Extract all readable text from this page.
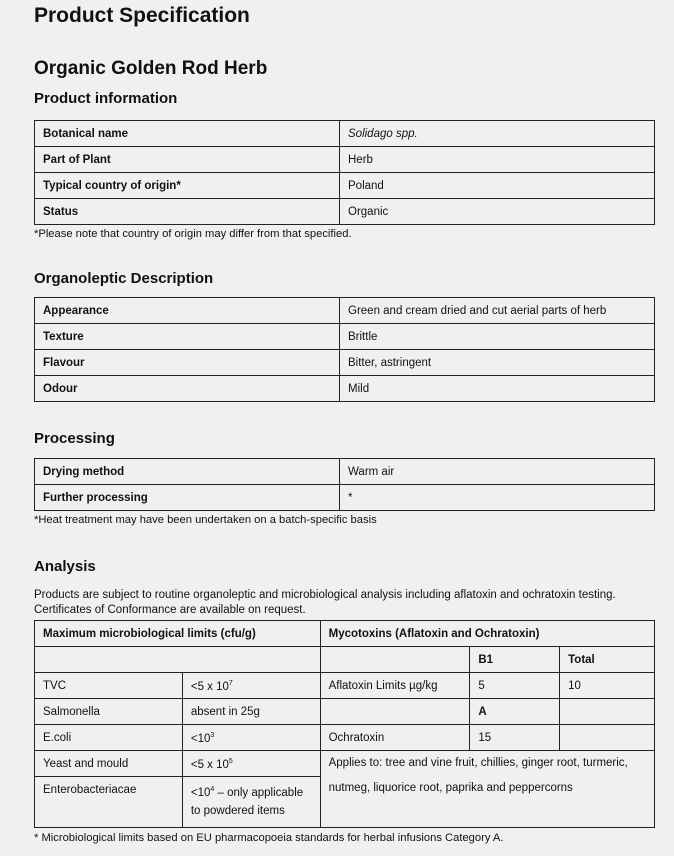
Product Specification
Organic Golden Rod Herb
Product information
Botanical name	Solidago spp.
Part of Plant	Herb
Typical country of origin*	Poland
Status	Organic
*Please note that country of origin may differ from that specified.
Organoleptic Description
Appearance	Green and cream dried and cut aerial parts of herb
Texture	Brittle
Flavour	Bitter, astringent
Odour	Mild
Processing
Drying method	Warm air
Further processing	*
*Heat treatment may have been undertaken on a batch-specific basis
Analysis
Products are subject to routine organoleptic and microbiological analysis including aflatoxin and ochratoxin testing. Certificates of Conformance are available on request.
Maximum microbiological limits (cfu/g)		Mycotoxins (Aflatoxin and Ochratoxin)		
			B1	Total
TVC	<5 x $10^7$	Aflatoxin Limits µg/kg	5	10
Salmonella	absent in 25g		A	
E.coli	$<10^3$	Ochratoxin	15	
Yeast and mould	<5 x $10^5$	Applies to: tree and vine fruit, chillies, ginger root, turmeric, nutmeg, liquorice root, paprika and peppercorns		
Enterobacteriacae	$<10^4$ – only applicable to powdered items			
* Microbiological limits based on EU pharmacopoeia standards for herbal infusions Category A.
